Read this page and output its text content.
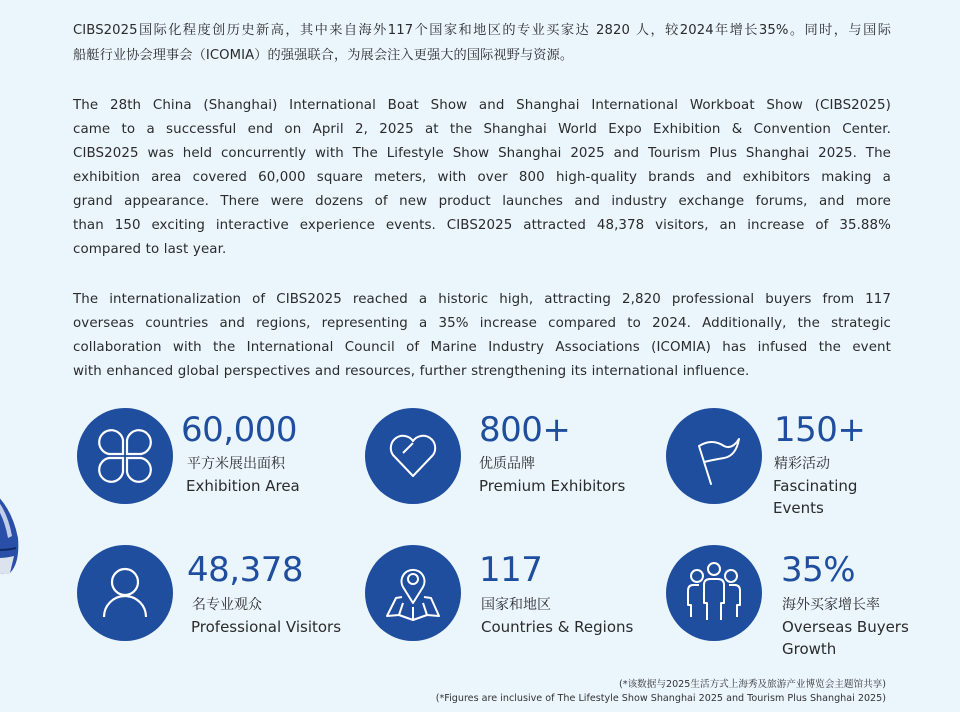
CIBS2025国际化程度创历史新高，其中来自海外117个国家和地区的专业买家达 2820 人，较2024年增长35%。同时，与国际
船艇行业协会理事会（ICOMIA）的强强联合，为展会注入更强大的国际视野与资源。
The 28th China (Shanghai) International Boat Show and Shanghai International Workboat Show (CIBS2025)
came to a successful end on April 2, 2025 at the Shanghai World Expo Exhibition & Convention Center.
CIBS2025 was held concurrently with The Lifestyle Show Shanghai 2025 and Tourism Plus Shanghai 2025. The
exhibition area covered 60,000 square meters, with over 800 high-quality brands and exhibitors making a
grand appearance. There were dozens of new product launches and industry exchange forums, and more
than 150 exciting interactive experience events. CIBS2025 attracted 48,378 visitors, an increase of 35.88%
compared to last year.
The internationalization of CIBS2025 reached a historic high, attracting 2,820 professional buyers from 117
overseas countries and regions, representing a 35% increase compared to 2024. Additionally, the strategic
collaboration with the International Council of Marine Industry Associations (ICOMIA) has infused the event
with enhanced global perspectives and resources, further strengthening its international influence.
60,000
平方米展出面积
Exhibition Area
800+
优质品牌
Premium Exhibitors
150+
精彩活动
Fascinating
Events
48,378
名专业观众
Professional Visitors
117
国家和地区
Countries & Regions
35%
海外买家增长率
Overseas Buyers
Growth
(*该数据与2025生活方式上海秀及旅游产业博览会主题馆共享)
(*Figures are inclusive of The Lifestyle Show Shanghai 2025 and Tourism Plus Shanghai 2025)
